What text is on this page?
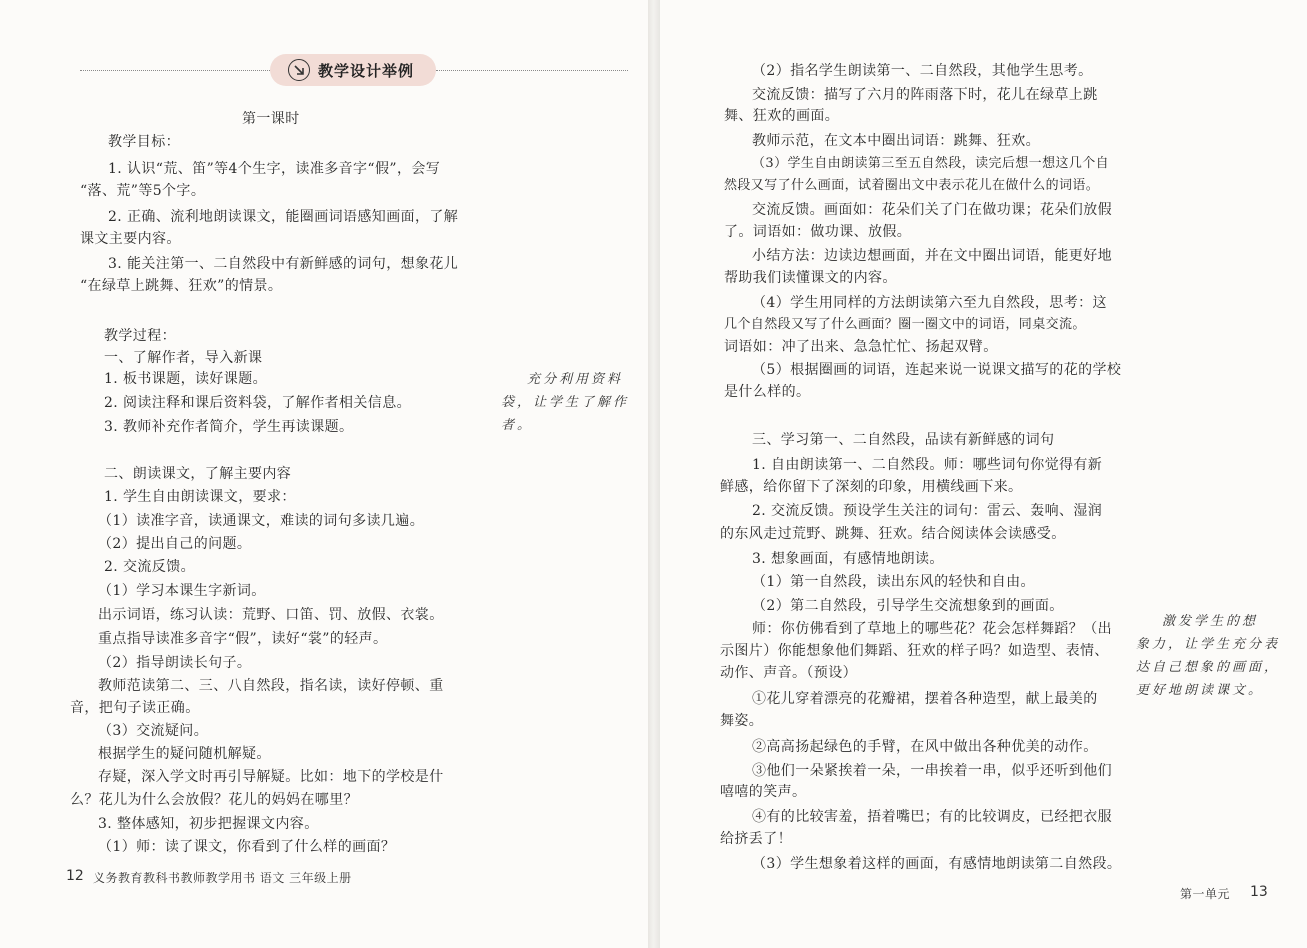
教学设计举例
第一课时
教学目标：
1. 认识“荒、笛”等4个生字，读准多音字“假”，会写
“落、荒”等5个字。
2. 正确、流利地朗读课文，能圈画词语感知画面，了解
课文主要内容。
3. 能关注第一、二自然段中有新鲜感的词句，想象花儿
“在绿草上跳舞、狂欢”的情景。
教学过程：
一、了解作者，导入新课
1. 板书课题，读好课题。
2. 阅读注释和课后资料袋，了解作者相关信息。
3. 教师补充作者简介，学生再读课题。
二、朗读课文，了解主要内容
1. 学生自由朗读课文，要求：
（1）读准字音，读通课文，难读的词句多读几遍。
（2）提出自己的问题。
2. 交流反馈。
（1）学习本课生字新词。
出示词语，练习认读：荒野、口笛、罚、放假、衣裳。
重点指导读准多音字“假”，读好“裳”的轻声。
（2）指导朗读长句子。
教师范读第二、三、八自然段，指名读，读好停顿、重
音，把句子读正确。
（3）交流疑问。
根据学生的疑问随机解疑。
存疑，深入学文时再引导解疑。比如：地下的学校是什
么？花儿为什么会放假？花儿的妈妈在哪里？
3. 整体感知，初步把握课文内容。
（1）师：读了课文，你看到了什么样的画面？
充分利用资料
袋，让学生了解作
者。
12 义务教育教科书教师教学用书 语文 三年级上册
（2）指名学生朗读第一、二自然段，其他学生思考。
交流反馈：描写了六月的阵雨落下时，花儿在绿草上跳
舞、狂欢的画面。
教师示范，在文本中圈出词语：跳舞、狂欢。
（3）学生自由朗读第三至五自然段，读完后想一想这几个自
然段又写了什么画面，试着圈出文中表示花儿在做什么的词语。
交流反馈。画面如：花朵们关了门在做功课；花朵们放假
了。词语如：做功课、放假。
小结方法：边读边想画面，并在文中圈出词语，能更好地
帮助我们读懂课文的内容。
（4）学生用同样的方法朗读第六至九自然段，思考：这
几个自然段又写了什么画面？圈一圈文中的词语，同桌交流。
词语如：冲了出来、急急忙忙、扬起双臂。
（5）根据圈画的词语，连起来说一说课文描写的花的学校
是什么样的。
三、学习第一、二自然段，品读有新鲜感的词句
1. 自由朗读第一、二自然段。师：哪些词句你觉得有新
鲜感，给你留下了深刻的印象，用横线画下来。
2. 交流反馈。预设学生关注的词句：雷云、轰响、湿润
的东风走过荒野、跳舞、狂欢。结合阅读体会读感受。
3. 想象画面，有感情地朗读。
（1）第一自然段，读出东风的轻快和自由。
（2）第二自然段，引导学生交流想象到的画面。
师：你仿佛看到了草地上的哪些花？花会怎样舞蹈？（出
示图片）你能想象他们舞蹈、狂欢的样子吗？如造型、表情、
动作、声音。（预设）
①花儿穿着漂亮的花瓣裙，摆着各种造型，献上最美的
舞姿。
②高高扬起绿色的手臂，在风中做出各种优美的动作。
③他们一朵紧挨着一朵，一串挨着一串，似乎还听到他们
嘻嘻的笑声。
④有的比较害羞，捂着嘴巴；有的比较调皮，已经把衣服
给挤丢了！
（3）学生想象着这样的画面，有感情地朗读第二自然段。
激发学生的想
象力，让学生充分表
达自己想象的画面，
更好地朗读课文。
第一单元 13
